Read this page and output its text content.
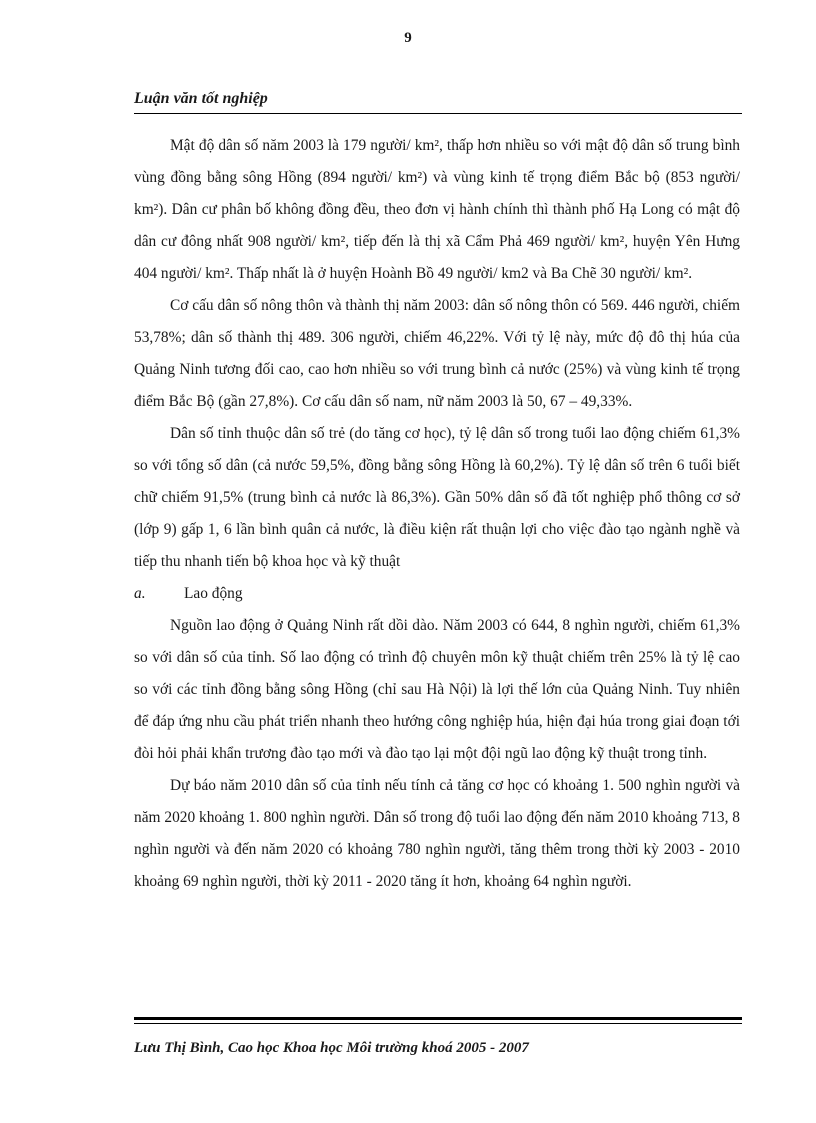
9
Luận văn tốt nghiệp

Mật độ dân số năm 2003 là 179 người/ km², thấp hơn nhiều so với mật độ dân số trung bình vùng đồng bằng sông Hồng (894 người/ km²) và vùng kinh tế trọng điểm Bắc bộ (853 người/ km²). Dân cư phân bố không đồng đều, theo đơn vị hành chính thì thành phố Hạ Long có mật độ dân cư đông nhất 908 người/ km², tiếp đến là thị xã Cẩm Phả 469 người/ km², huyện Yên Hưng 404 người/ km². Thấp nhất là ở huyện Hoành Bồ 49 người/ km2 và Ba Chẽ 30 người/ km².

Cơ cấu dân số nông thôn và thành thị năm 2003: dân số nông thôn có 569. 446 người, chiếm 53,78%; dân số thành thị 489. 306 người, chiếm 46,22%. Với tỷ lệ này, mức độ đô thị húa của Quảng Ninh tương đối cao, cao hơn nhiều so với trung bình cả nước (25%) và vùng kinh tế trọng điểm Bắc Bộ (gần 27,8%). Cơ cấu dân số nam, nữ năm 2003 là 50, 67 – 49,33%.

Dân số tỉnh thuộc dân số trẻ (do tăng cơ học), tỷ lệ dân số trong tuổi lao động chiếm 61,3% so với tổng số dân (cả nước 59,5%, đồng bằng sông Hồng là 60,2%). Tỷ lệ dân số trên 6 tuổi biết chữ chiếm 91,5% (trung bình cả nước là 86,3%). Gần 50% dân số đã tốt nghiệp phổ thông cơ sở (lớp 9) gấp 1, 6 lần bình quân cả nước, là điều kiện rất thuận lợi cho việc đào tạo ngành nghề và tiếp thu nhanh tiến bộ khoa học và kỹ thuật

a.	Lao động

Nguồn lao động ở Quảng Ninh rất dồi dào. Năm 2003 có 644, 8 nghìn người, chiếm 61,3% so với dân số của tỉnh. Số lao động có trình độ chuyên môn kỹ thuật chiếm trên 25% là tỷ lệ cao so với các tỉnh đồng bằng sông Hồng (chỉ sau Hà Nội) là lợi thế lớn của Quảng Ninh. Tuy nhiên để đáp ứng nhu cầu phát triển nhanh theo hướng công nghiệp húa, hiện đại húa trong giai đoạn tới đòi hỏi phải khẩn trương đào tạo mới và đào tạo lại một đội ngũ lao động kỹ thuật trong tỉnh.

Dự báo năm 2010 dân số của tỉnh nếu tính cả tăng cơ học có khoảng 1. 500 nghìn người và năm 2020 khoảng 1. 800 nghìn người. Dân số trong độ tuổi lao động đến năm 2010 khoảng 713, 8 nghìn người và đến năm 2020 có khoảng 780 nghìn người, tăng thêm trong thời kỳ 2003 - 2010 khoảng 69 nghìn người, thời kỳ 2011 - 2020 tăng ít hơn, khoảng 64 nghìn người.

Lưu Thị Bình, Cao học Khoa học Môi trường khoá 2005 - 2007
